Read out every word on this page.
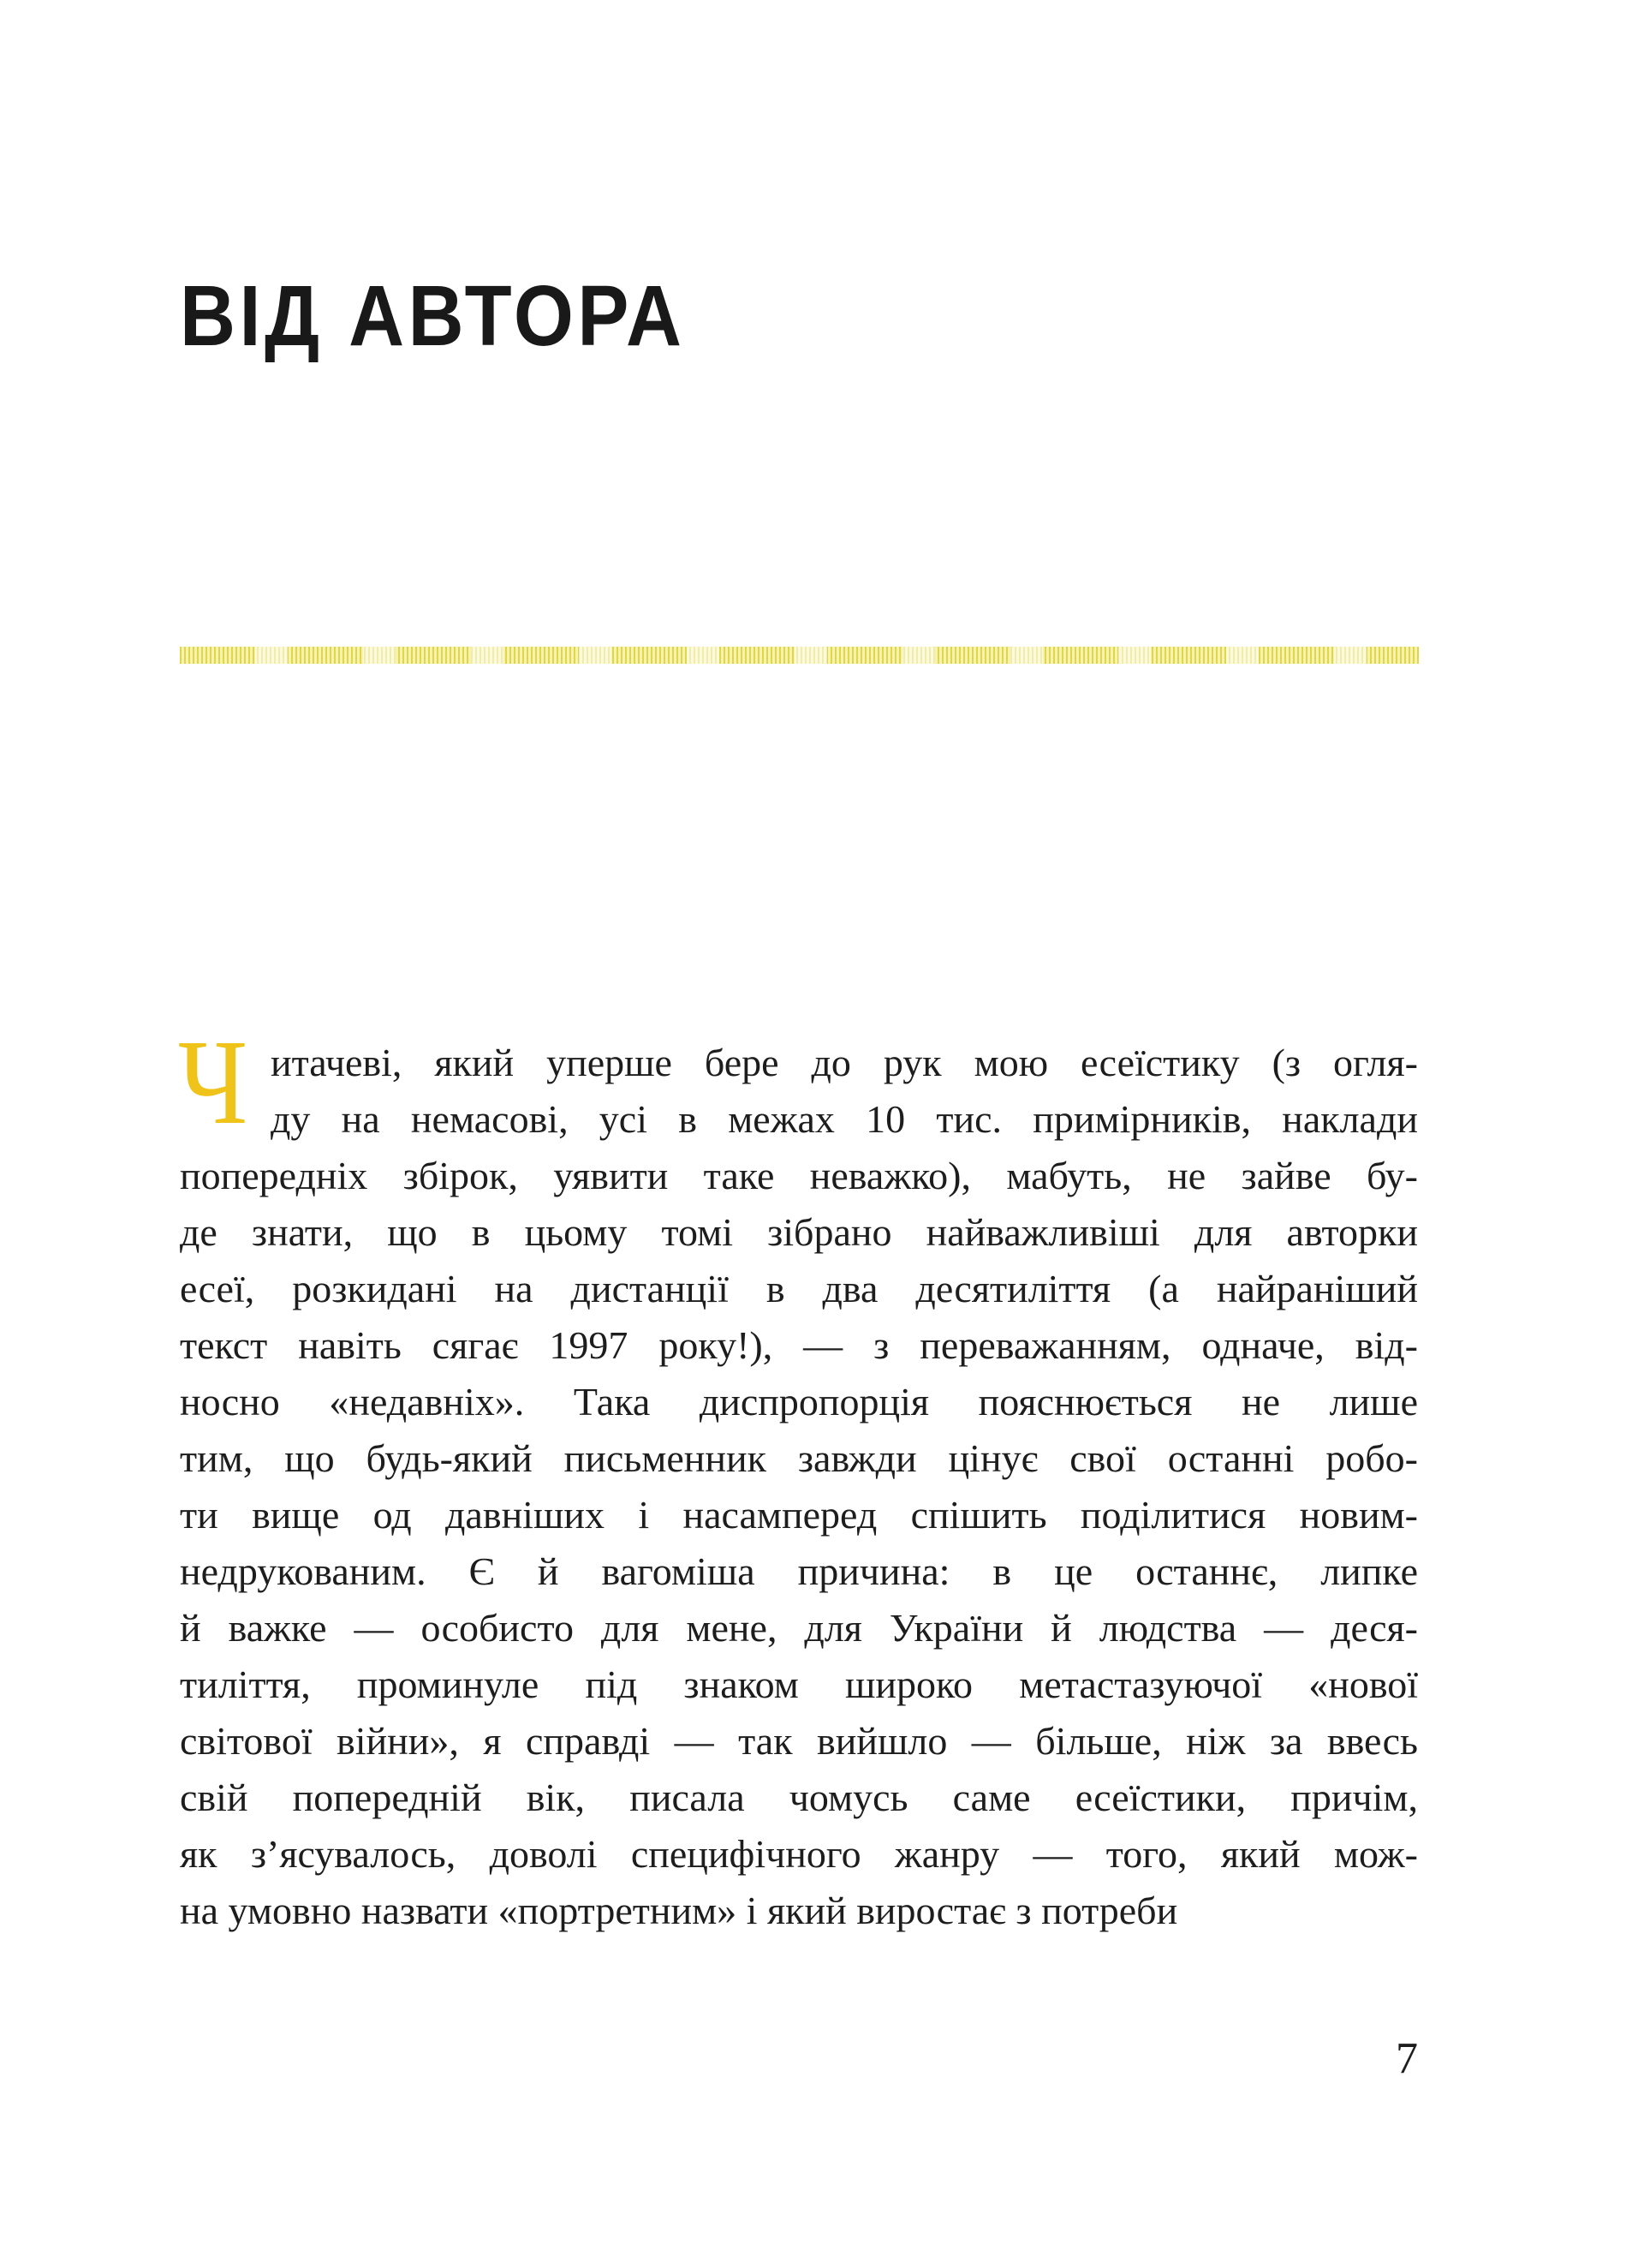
ВІД АВТОРА
Ч итачеві, який уперше бере до рук мою есеїстику (з огля-
ду на немасові, усі в межах 10 тис. примірників, наклади
попередніх збірок, уявити таке неважко), мабуть, не зайве бу-
де знати, що в цьому томі зібрано найважливіші для авторки
есеї, розкидані на дистанції в два десятиліття (а найраніший
текст навіть сягає 1997 року!), — з переважанням, одначе, від-
носно «недавніх». Така диспропорція пояснюється не лише
тим, що будь-який письменник завжди цінує свої останні робо-
ти вище од давніших і насамперед спішить поділитися новим-
недрукованим. Є й вагоміша причина: в це останнє, липке
й важке — особисто для мене, для України й людства — деся-
тиліття, проминуле під знаком широко метастазуючої «нової
світової війни», я справді — так вийшло — більше, ніж за ввесь
свій попередній вік, писала чомусь саме есеїстики, причім,
як з’ясувалось, доволі специфічного жанру — того, який мож-
на умовно назвати «портретним» і який виростає з потреби
7
